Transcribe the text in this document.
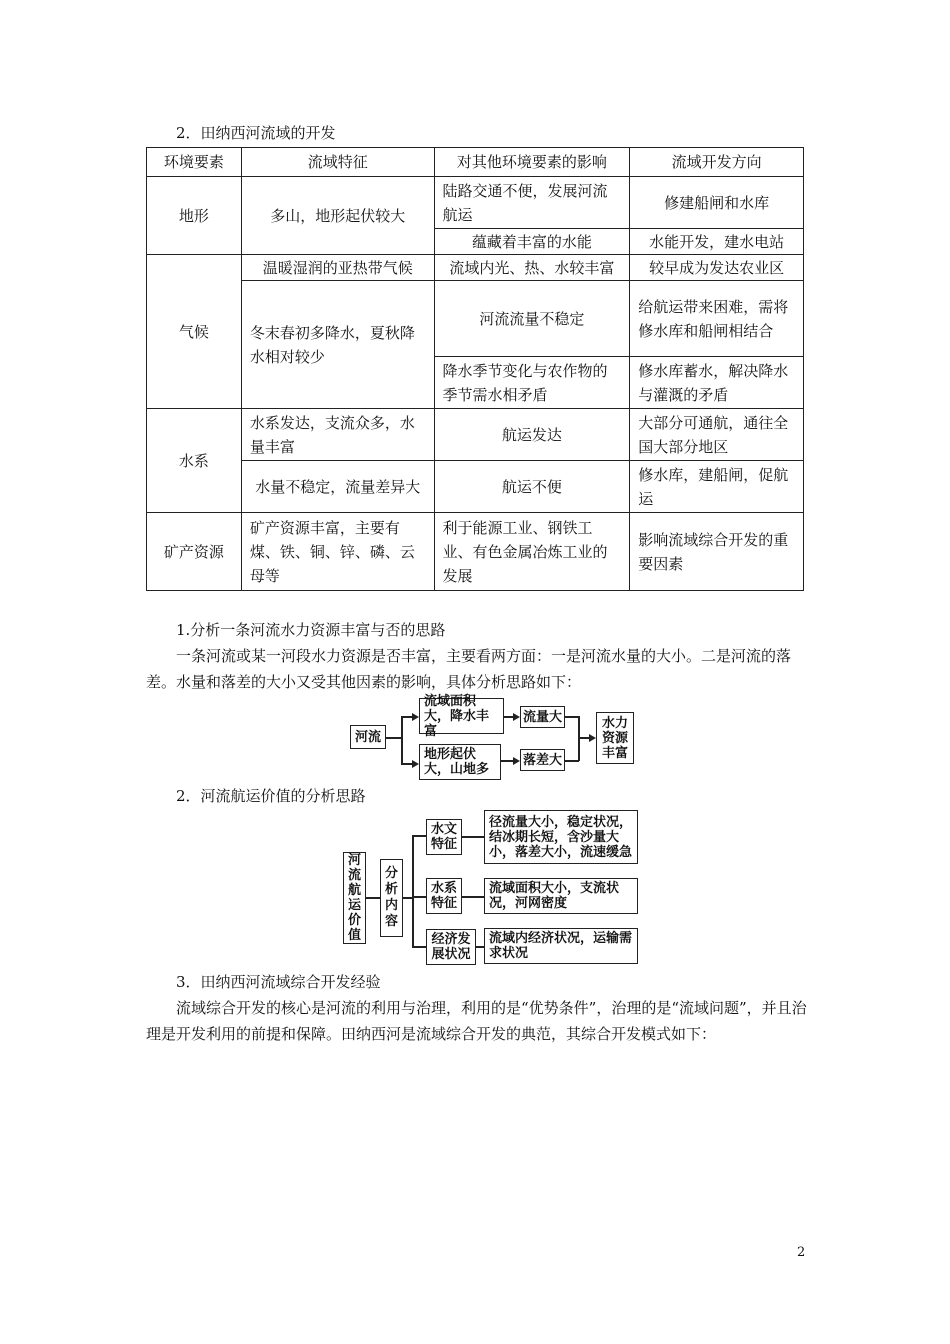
2．田纳西河流域的开发
环境要素	流域特征	对其他环境要素的影响	流域开发方向
地形	多山，地形起伏较大	陆路交通不便，发展河流航运	修建船闸和水库
		蕴藏着丰富的水能	水能开发，建水电站
气候	温暖湿润的亚热带气候	流域内光、热、水较丰富	较早成为发达农业区
	冬末春初多降水，夏秋降水相对较少	河流流量不稳定	给航运带来困难，需将修水库和船闸相结合
		降水季节变化与农作物的季节需水相矛盾	修水库蓄水，解决降水与灌溉的矛盾
水系	水系发达，支流众多，水量丰富	航运发达	大部分可通航，通往全国大部分地区
	水量不稳定，流量差异大	航运不便	修水库，建船闸，促航运
矿产资源	矿产资源丰富，主要有煤、铁、铜、锌、磷、云母等	利于能源工业、钢铁工业、有色金属冶炼工业的发展	影响流域综合开发的重要因素
1.分析一条河流水力资源丰富与否的思路
一条河流或某一河段水力资源是否丰富，主要看两方面：一是河流水量的大小。二是河流的落差。水量和落差的大小又受其他因素的影响，具体分析思路如下：
河流
流域面积大，降水丰富
地形起伏大，山地多
流量大
落差大
水力资源丰富
2．河流航运价值的分析思路
河流航运价值
分析内容
水文特征
水系特征
经济发展状况
径流量大小，稳定状况，结冰期长短，含沙量大小，落差大小，流速缓急
流域面积大小，支流状况，河网密度
流域内经济状况，运输需求状况
3．田纳西河流域综合开发经验
流域综合开发的核心是河流的利用与治理，利用的是“优势条件”，治理的是“流域问题”，并且治理是开发利用的前提和保障。田纳西河是流域综合开发的典范，其综合开发模式如下：
2
